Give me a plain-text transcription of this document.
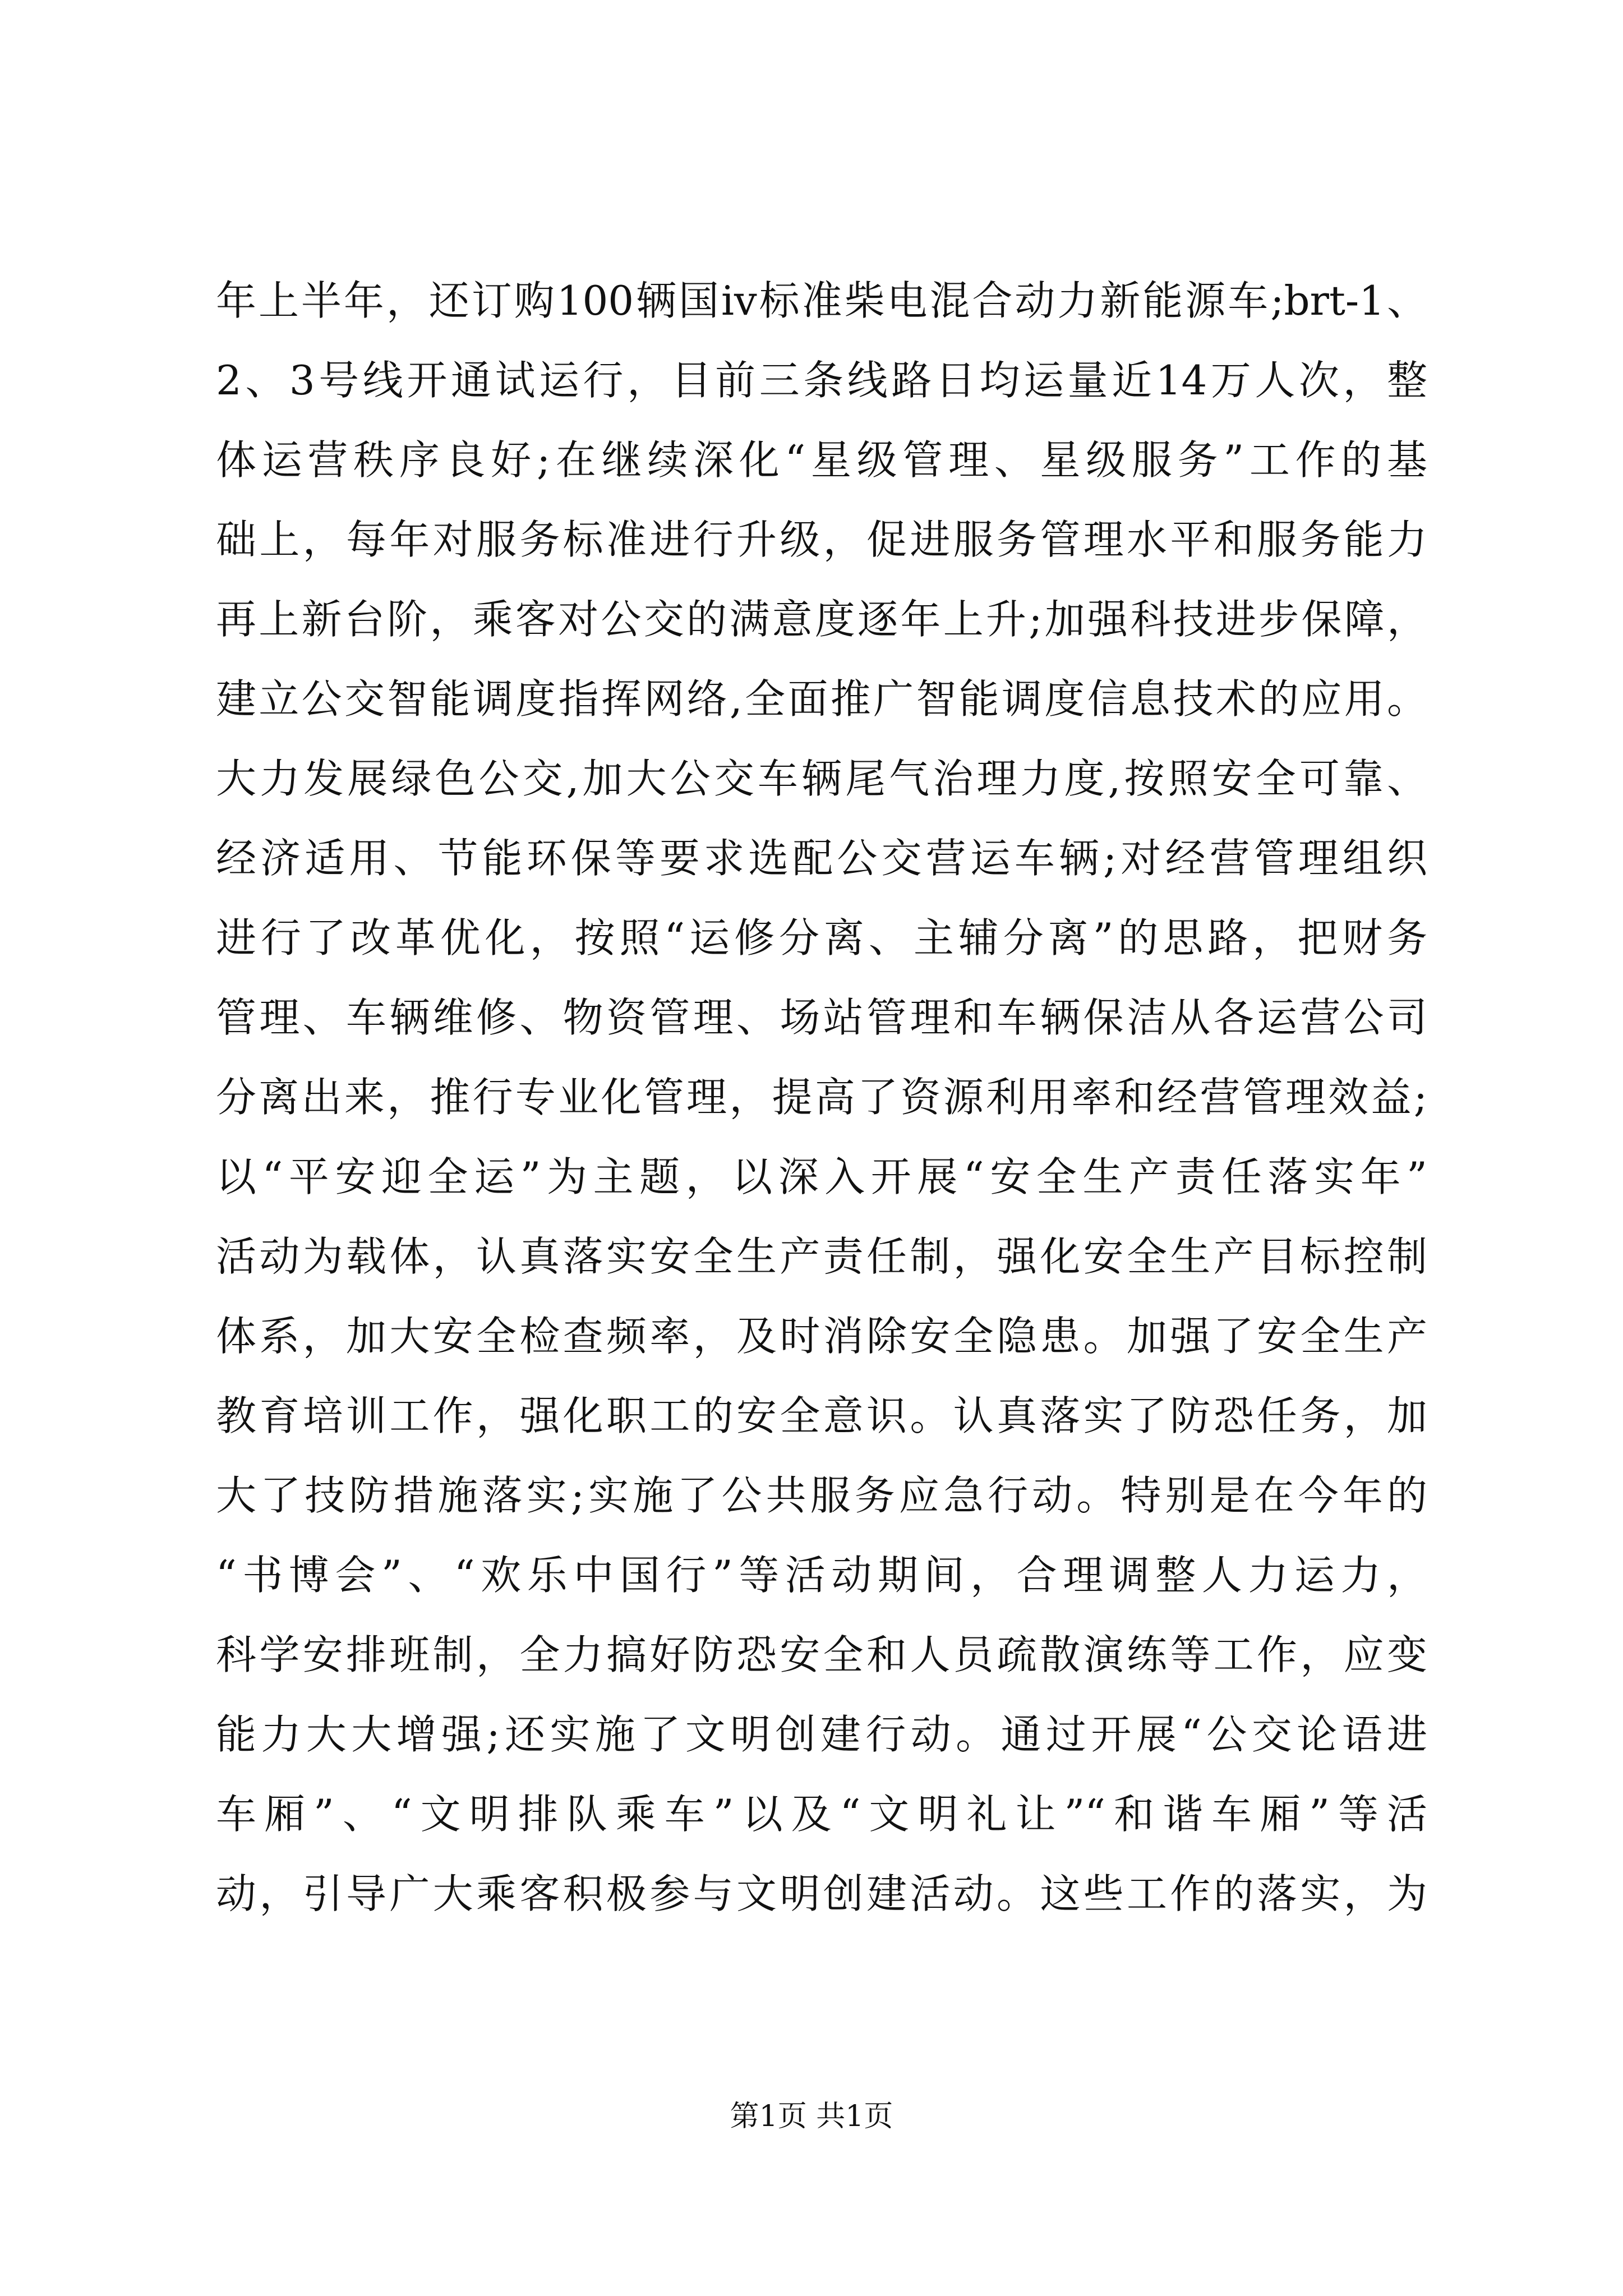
年上半年，还订购100辆国iv标准柴电混合动力新能源车;brt-1、
2、3号线开通试运行，目前三条线路日均运量近14万人次，整
体运营秩序良好;在继续深化“星级管理、星级服务”工作的基
础上，每年对服务标准进行升级，促进服务管理水平和服务能力
再上新台阶，乘客对公交的满意度逐年上升;加强科技进步保障，
建立公交智能调度指挥网络,全面推广智能调度信息技术的应用。
大力发展绿色公交,加大公交车辆尾气治理力度,按照安全可靠、
经济适用、节能环保等要求选配公交营运车辆;对经营管理组织
进行了改革优化，按照“运修分离、主辅分离”的思路，把财务
管理、车辆维修、物资管理、场站管理和车辆保洁从各运营公司
分离出来，推行专业化管理，提高了资源利用率和经营管理效益;
以“平安迎全运”为主题，以深入开展“安全生产责任落实年”
活动为载体，认真落实安全生产责任制，强化安全生产目标控制
体系，加大安全检查频率，及时消除安全隐患。加强了安全生产
教育培训工作，强化职工的安全意识。认真落实了防恐任务，加
大了技防措施落实;实施了公共服务应急行动。特别是在今年的
“书博会”、“欢乐中国行”等活动期间，合理调整人力运力，
科学安排班制，全力搞好防恐安全和人员疏散演练等工作，应变
能力大大增强;还实施了文明创建行动。通过开展“公交论语进
车厢”、“文明排队乘车”以及“文明礼让”“和谐车厢”等活
动，引导广大乘客积极参与文明创建活动。这些工作的落实，为
第1页 共1页
